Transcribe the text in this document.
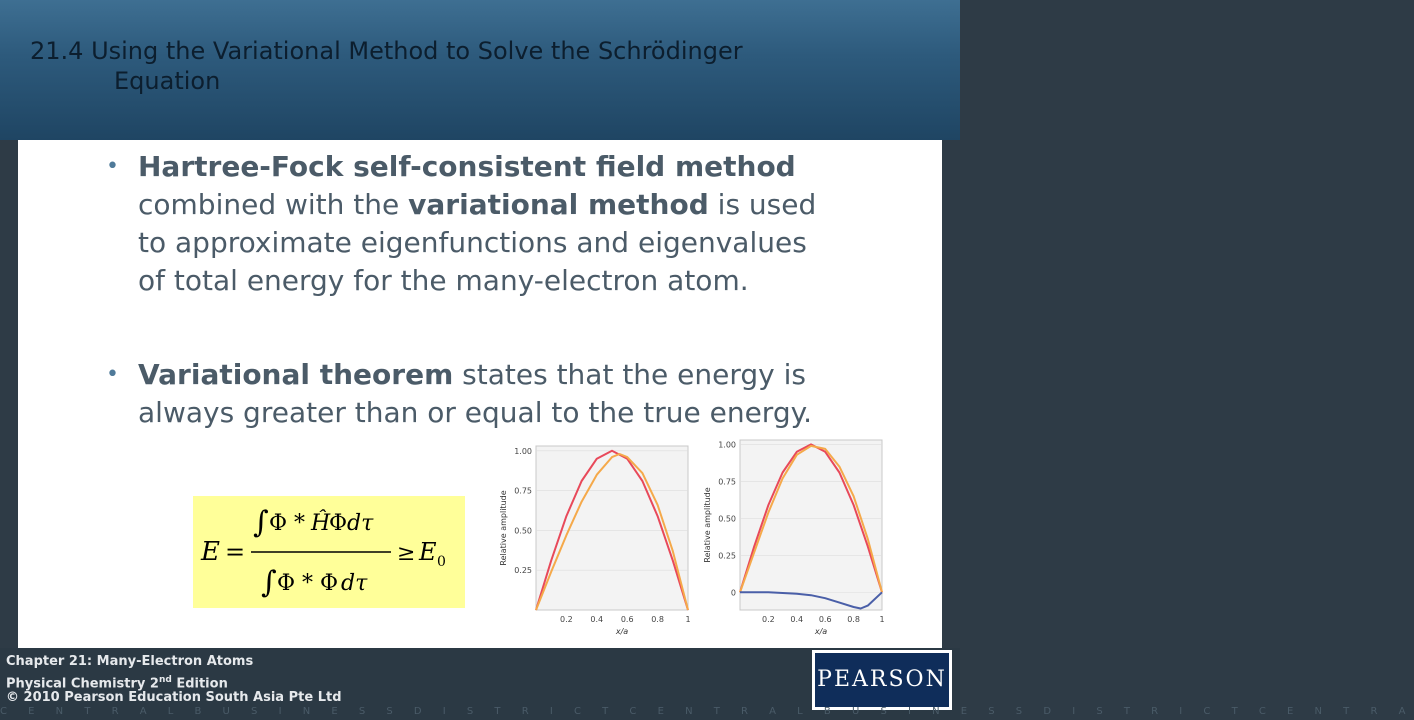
21.4 Using the Variational Method to Solve the Schrödinger
Equation
• Hartree-Fock self-consistent field method combined with the variational method is used to approximate eigenfunctions and eigenvalues of total energy for the many-electron atom.
• Variational theorem states that the energy is always greater than or equal to the true energy.
E =
∫ Φ * Ĥ
Φ dτ
∫ Φ * Φ dτ
≥ E 0
0.25
0.50
0.75
1.00
0.2 0.4 0.6 0.8	1
x/a
Relative amplitude
0
0.25
0.50
0.75
1.00
0.2 0.4 0.6 0.8 1
x/a
Relative amplitude
Chapter 21: Many-Electron Atoms
Physical Chemistry 2nd Edition
© 2010 Pearson Education South Asia Pte Ltd
PEARSON
C E N T R A L B U S I N E S S D I S T R I C T C E N T R A L B U S I N E S S D I S T R I C T C E N T R A
